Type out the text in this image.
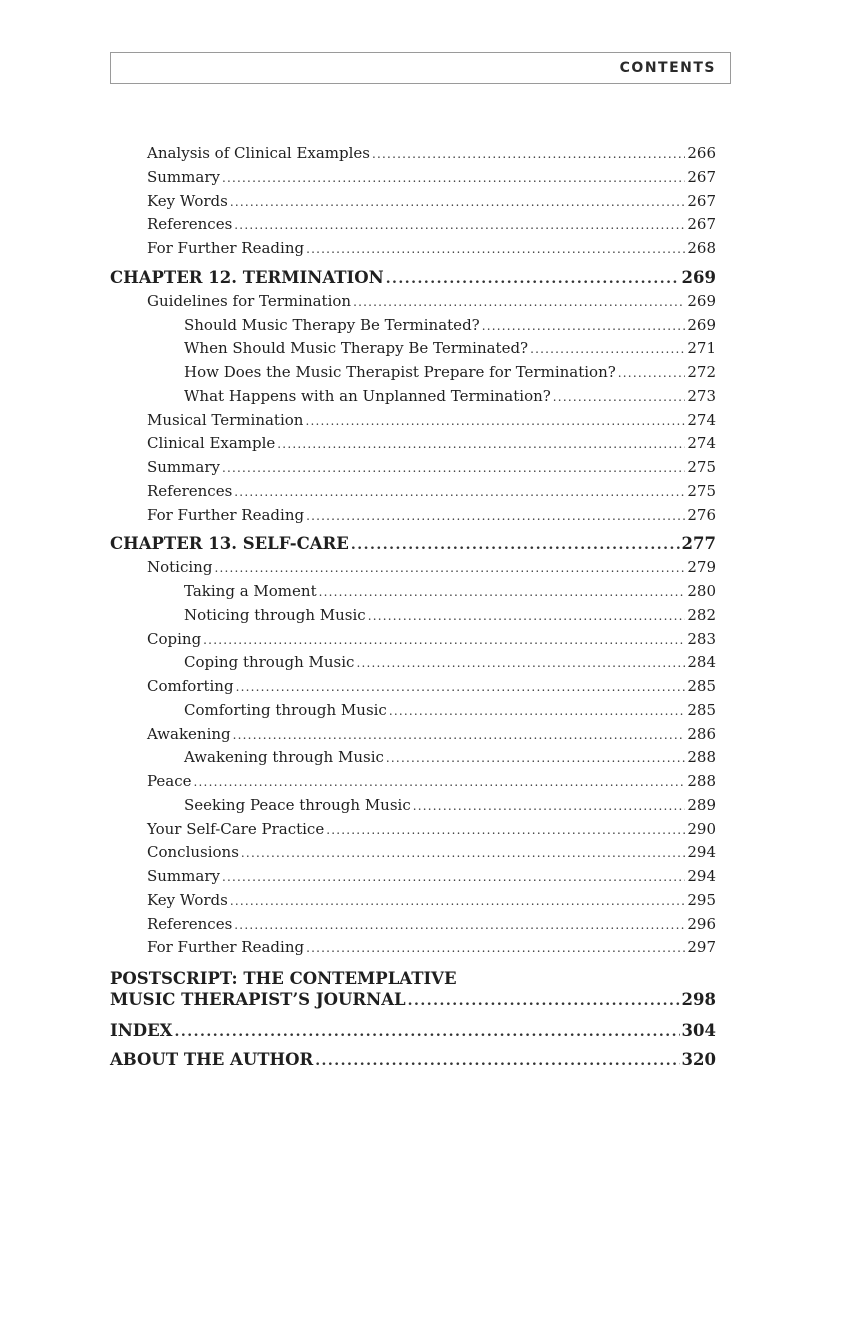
CONTENTS
Analysis of Clinical Examples .....	266
Summary .....	267
Key Words .....	267
References .....	267
For Further Reading .....	268
CHAPTER 12. TERMINATION .....	269
Guidelines for Termination .....	269
Should Music Therapy Be Terminated? .....	269
When Should Music Therapy Be Terminated? .....	271
How Does the Music Therapist Prepare for Termination? .....	272
What Happens with an Unplanned Termination? .....	273
Musical Termination .....	274
Clinical Example .....	274
Summary .....	275
References .....	275
For Further Reading .....	276
CHAPTER 13. SELF-CARE .....	277
Noticing .....	279
Taking a Moment .....	280
Noticing through Music .....	282
Coping .....	283
Coping through Music .....	284
Comforting .....	285
Comforting through Music .....	285
Awakening .....	286
Awakening through Music .....	288
Peace .....	288
Seeking Peace through Music .....	289
Your Self-Care Practice .....	290
Conclusions .....	294
Summary .....	294
Key Words .....	295
References .....	296
For Further Reading .....	297
POSTSCRIPT: THE CONTEMPLATIVE
MUSIC THERAPIST’S JOURNAL .....	298
INDEX .....	304
ABOUT THE AUTHOR .....	320
